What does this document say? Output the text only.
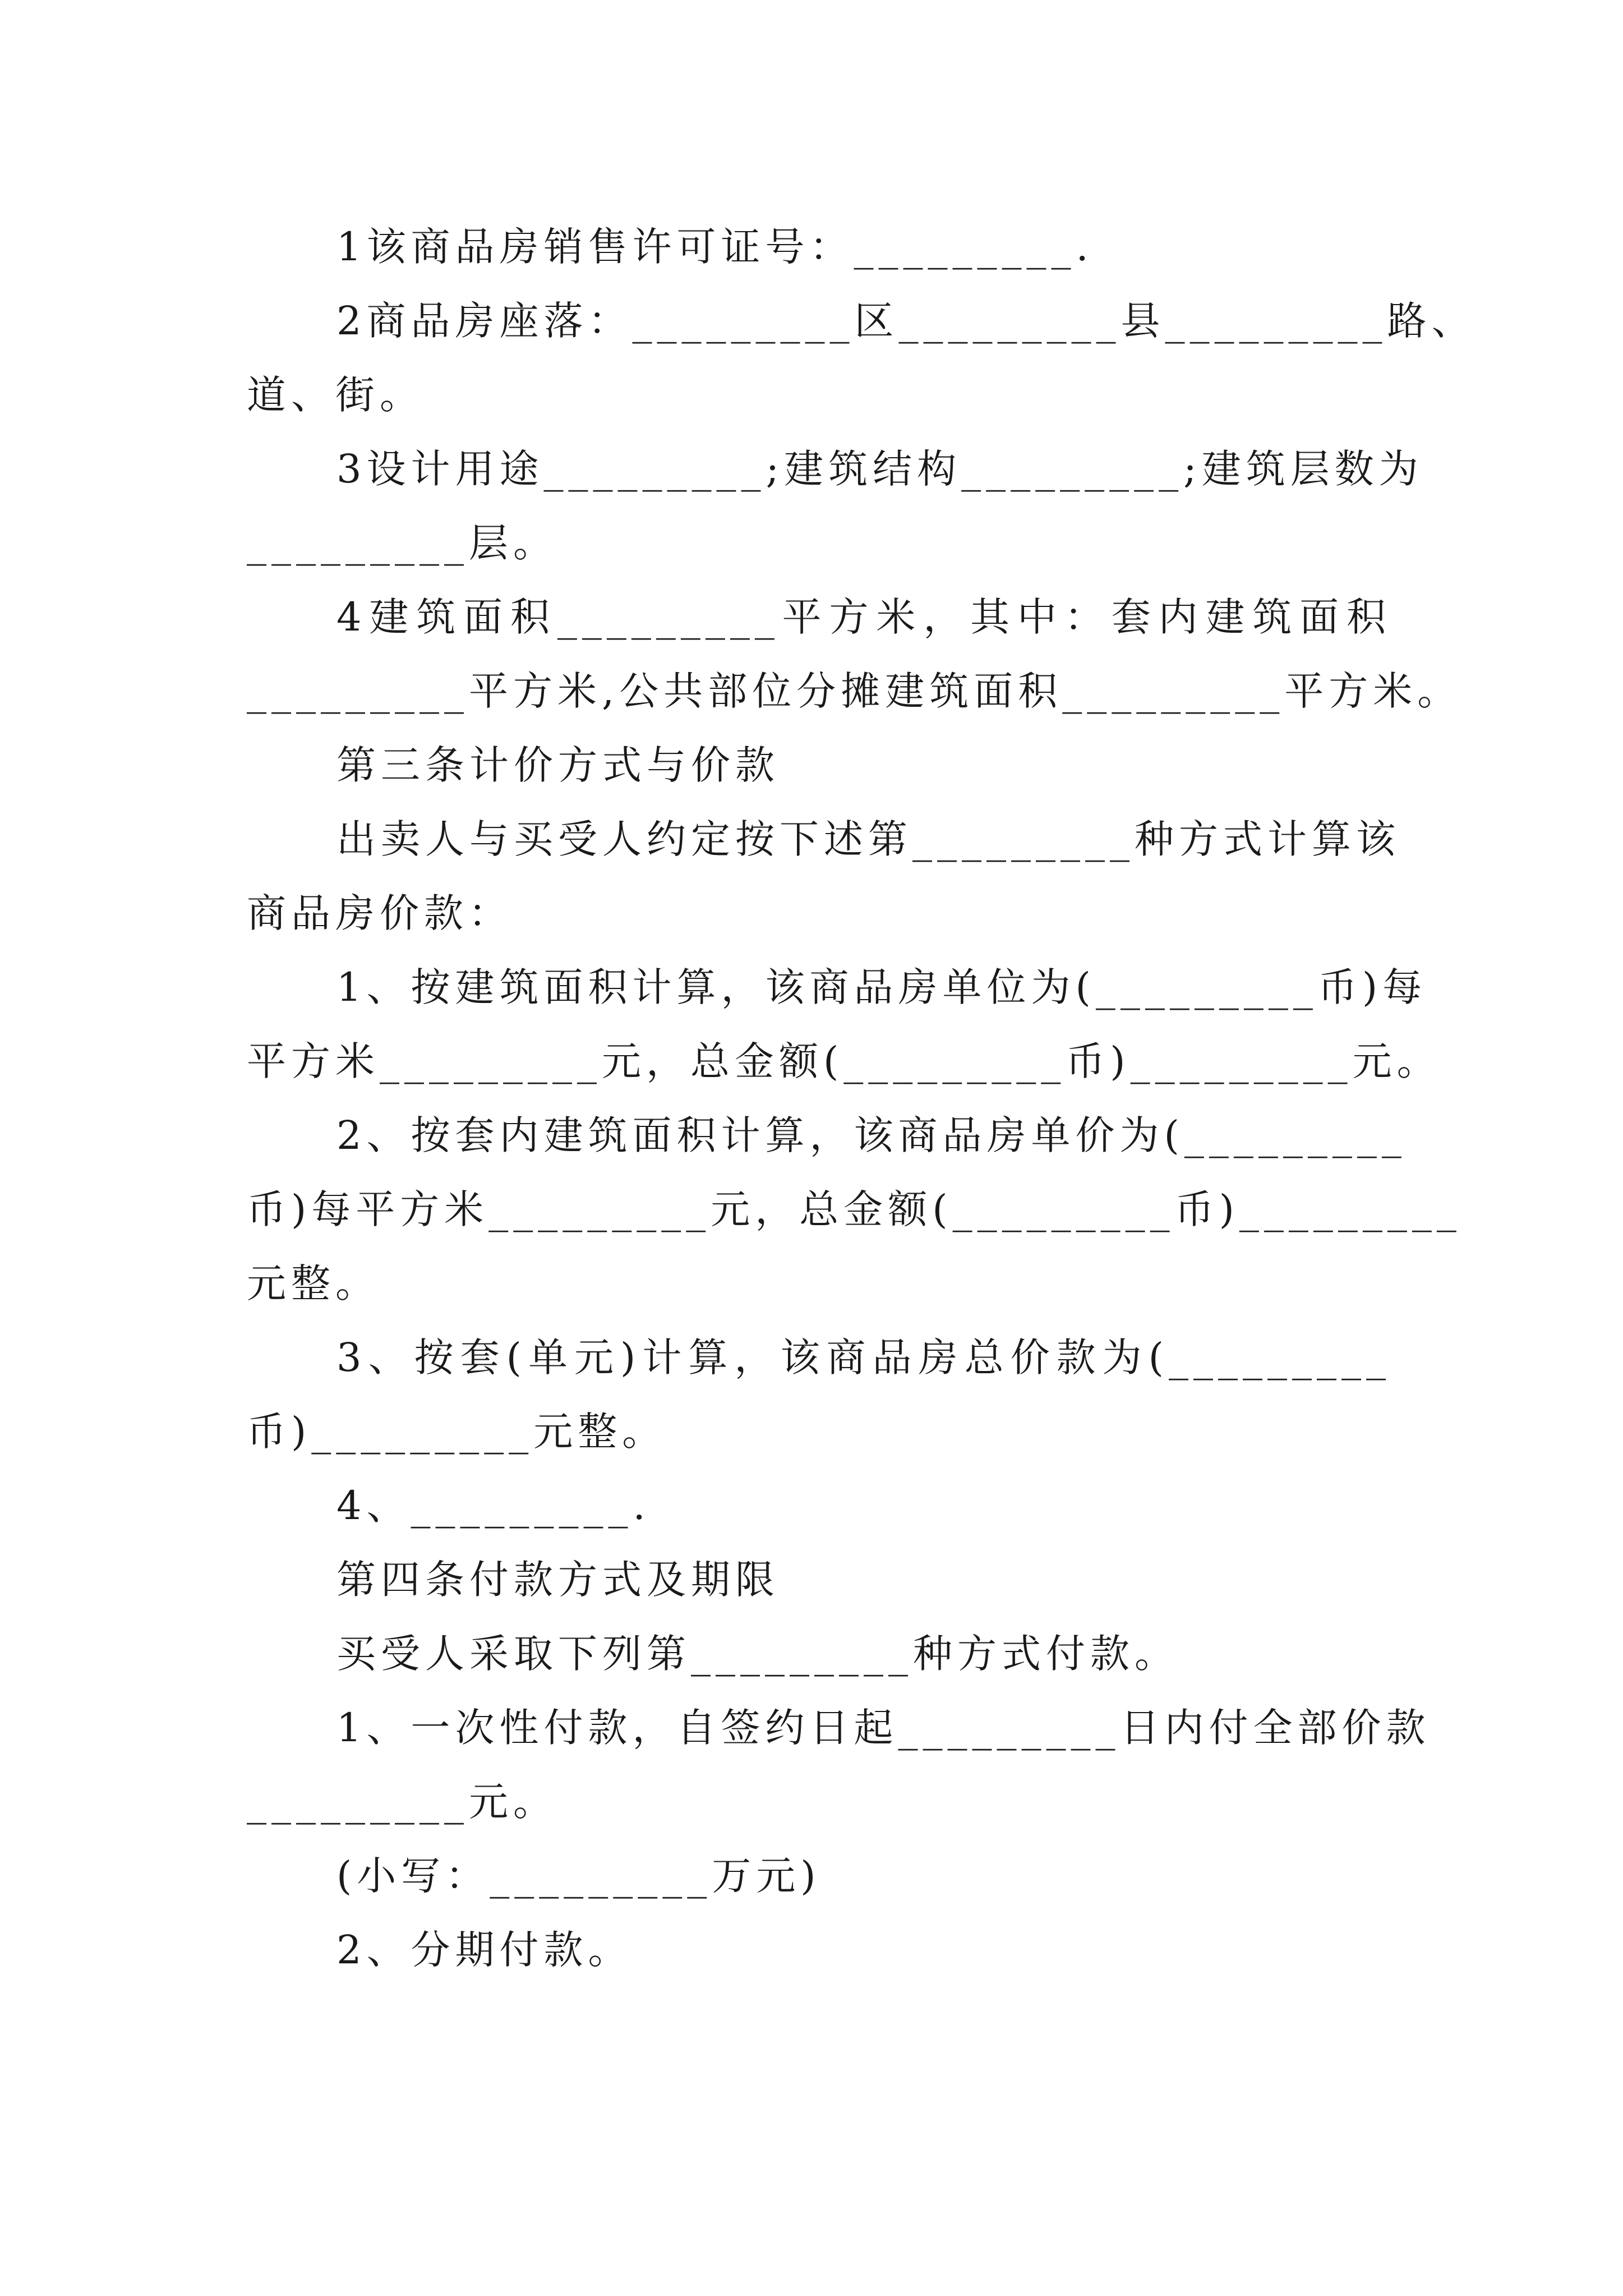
1该商品房销售许可证号：_________.
2商品房座落：_________区_________县_________路、
道、街。
3设计用途_________;建筑结构_________;建筑层数为
_________层。
4建筑面积_________平方米，其中：套内建筑面积
_________平方米,公共部位分摊建筑面积_________平方米。
第三条计价方式与价款
出卖人与买受人约定按下述第_________种方式计算该
商品房价款：
1、按建筑面积计算，该商品房单位为(_________币)每
平方米_________元，总金额(_________币)_________元。
2、按套内建筑面积计算，该商品房单价为(_________
币)每平方米_________元，总金额(_________币)_________
元整。
3、按套(单元)计算，该商品房总价款为(_________
币)_________元整。
4、_________.
第四条付款方式及期限
买受人采取下列第_________种方式付款。
1、一次性付款，自签约日起_________日内付全部价款
_________元。
(小写：_________万元)
2、分期付款。
